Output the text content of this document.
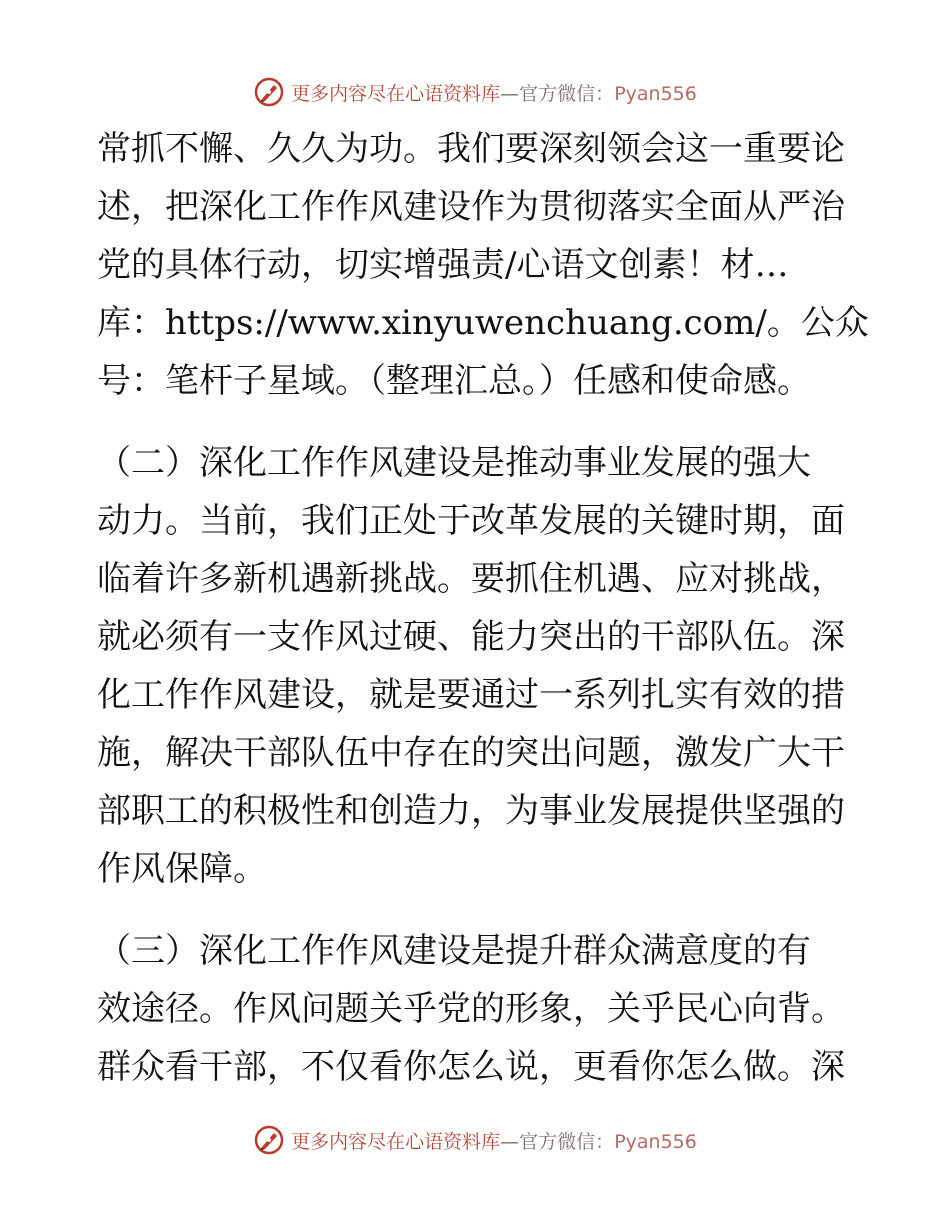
更多内容尽在心语资料库—官方微信：Pyan556

常抓不懈、久久为功。我们要深刻领会这一重要论
述，把深化工作作风建设作为贯彻落实全面从严治
党的具体行动，切实增强责/心语文创素！材…
库：https://www.xinyuwenchuang.com/。公众
号：笔杆子星域。（整理汇总。）任感和使命感。

（二）深化工作作风建设是推动事业发展的强大
动力。当前，我们正处于改革发展的关键时期，面
临着许多新机遇新挑战。要抓住机遇、应对挑战，
就必须有一支作风过硬、能力突出的干部队伍。深
化工作作风建设，就是要通过一系列扎实有效的措
施，解决干部队伍中存在的突出问题，激发广大干
部职工的积极性和创造力，为事业发展提供坚强的
作风保障。

（三）深化工作作风建设是提升群众满意度的有
效途径。作风问题关乎党的形象，关乎民心向背。
群众看干部，不仅看你怎么说，更看你怎么做。深

更多内容尽在心语资料库—官方微信：Pyan556
